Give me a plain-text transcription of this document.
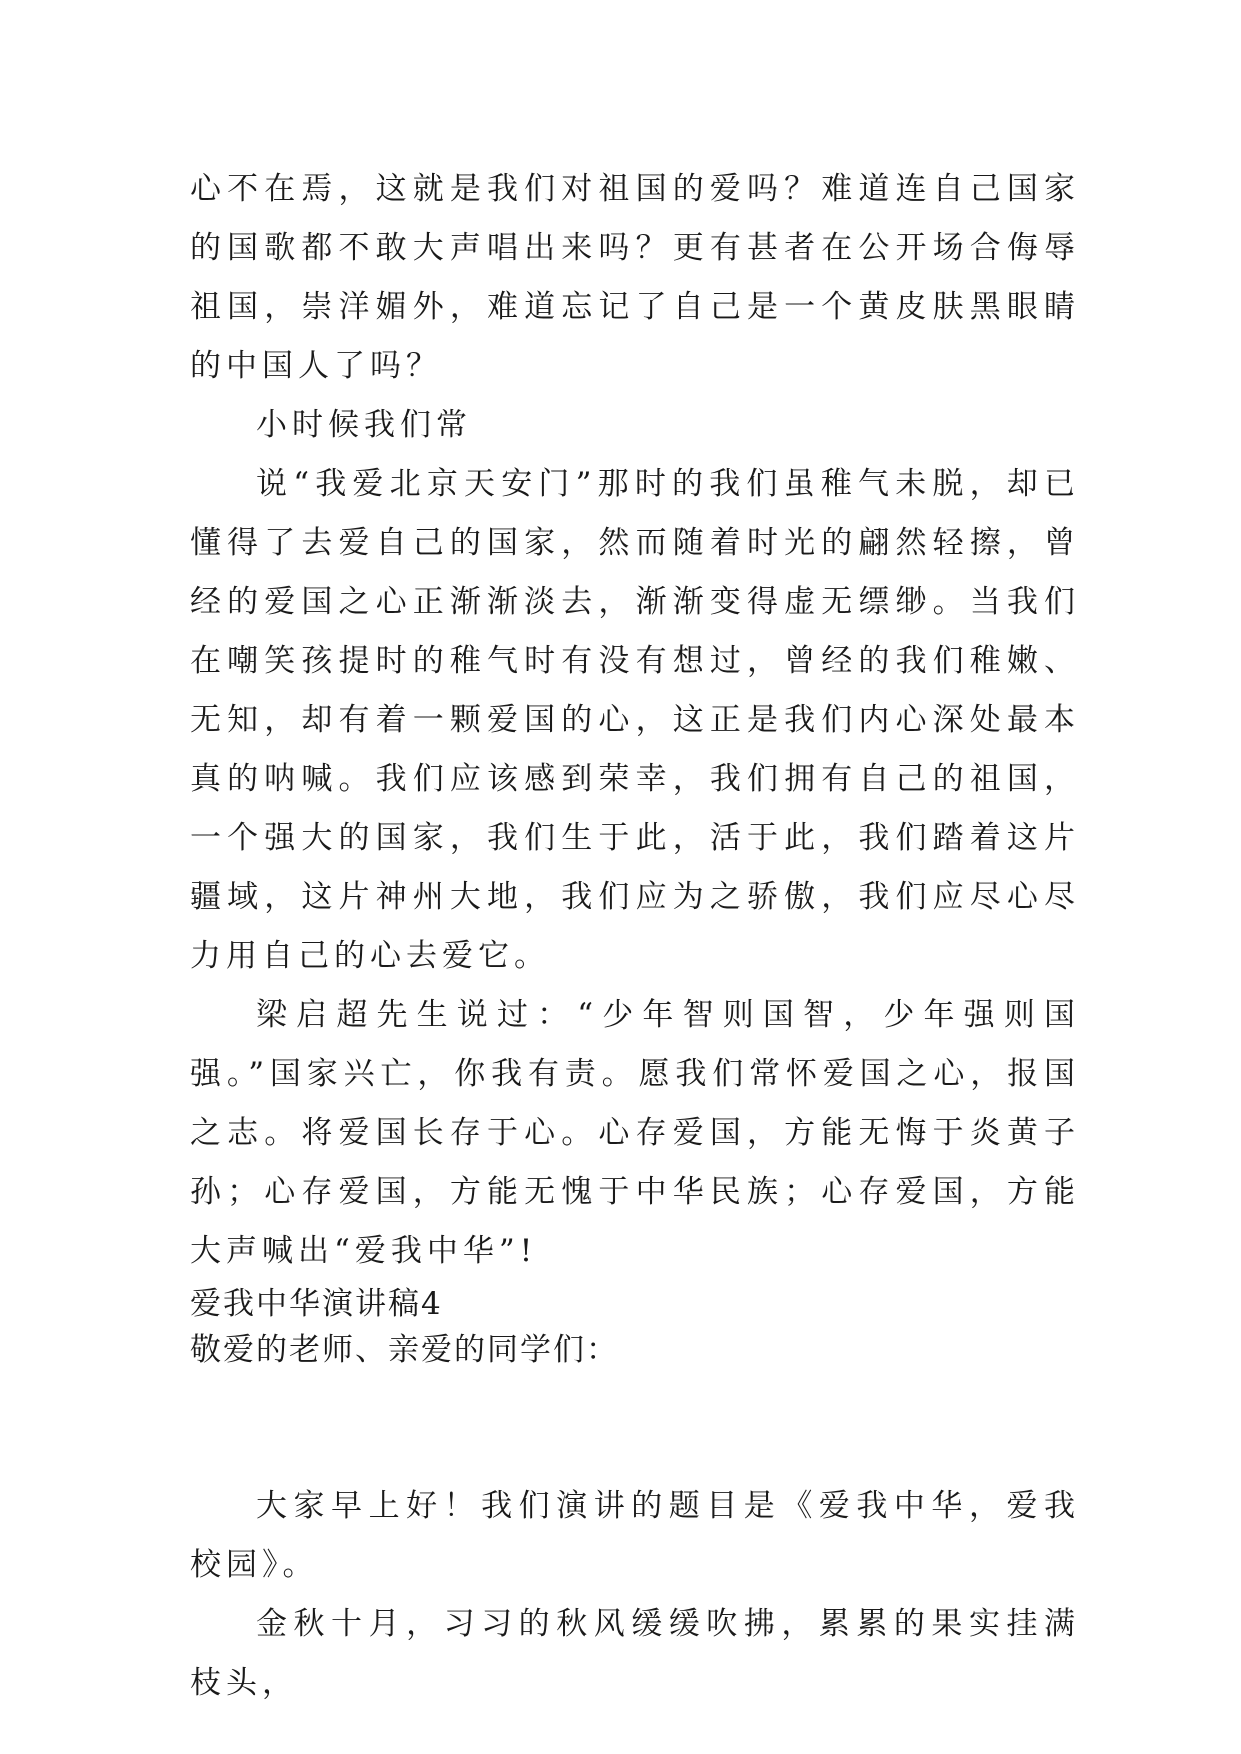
心不在焉，这就是我们对祖国的爱吗？难道连自己国家的国歌都不敢大声唱出来吗？更有甚者在公开场合侮辱祖国，崇洋媚外，难道忘记了自己是一个黄皮肤黑眼睛的中国人了吗？

小时候我们常

说“我爱北京天安门”那时的我们虽稚气未脱，却已懂得了去爱自己的国家，然而随着时光的翩然轻擦，曾经的爱国之心正渐渐淡去，渐渐变得虚无缥缈。当我们在嘲笑孩提时的稚气时有没有想过，曾经的我们稚嫩、无知，却有着一颗爱国的心，这正是我们内心深处最本真的呐喊。我们应该感到荣幸，我们拥有自己的祖国，一个强大的国家，我们生于此，活于此，我们踏着这片疆域，这片神州大地，我们应为之骄傲，我们应尽心尽力用自己的心去爱它。

梁启超先生说过：“少年智则国智，少年强则国强。”国家兴亡，你我有责。愿我们常怀爱国之心，报国之志。将爱国长存于心。心存爱国，方能无悔于炎黄子孙；心存爱国，方能无愧于中华民族；心存爱国，方能大声喊出“爱我中华”!

爱我中华演讲稿4

敬爱的老师、亲爱的同学们：

大家早上好！我们演讲的题目是《爱我中华，爱我校园》。

金秋十月，习习的秋风缓缓吹拂，累累的果实挂满枝头，
